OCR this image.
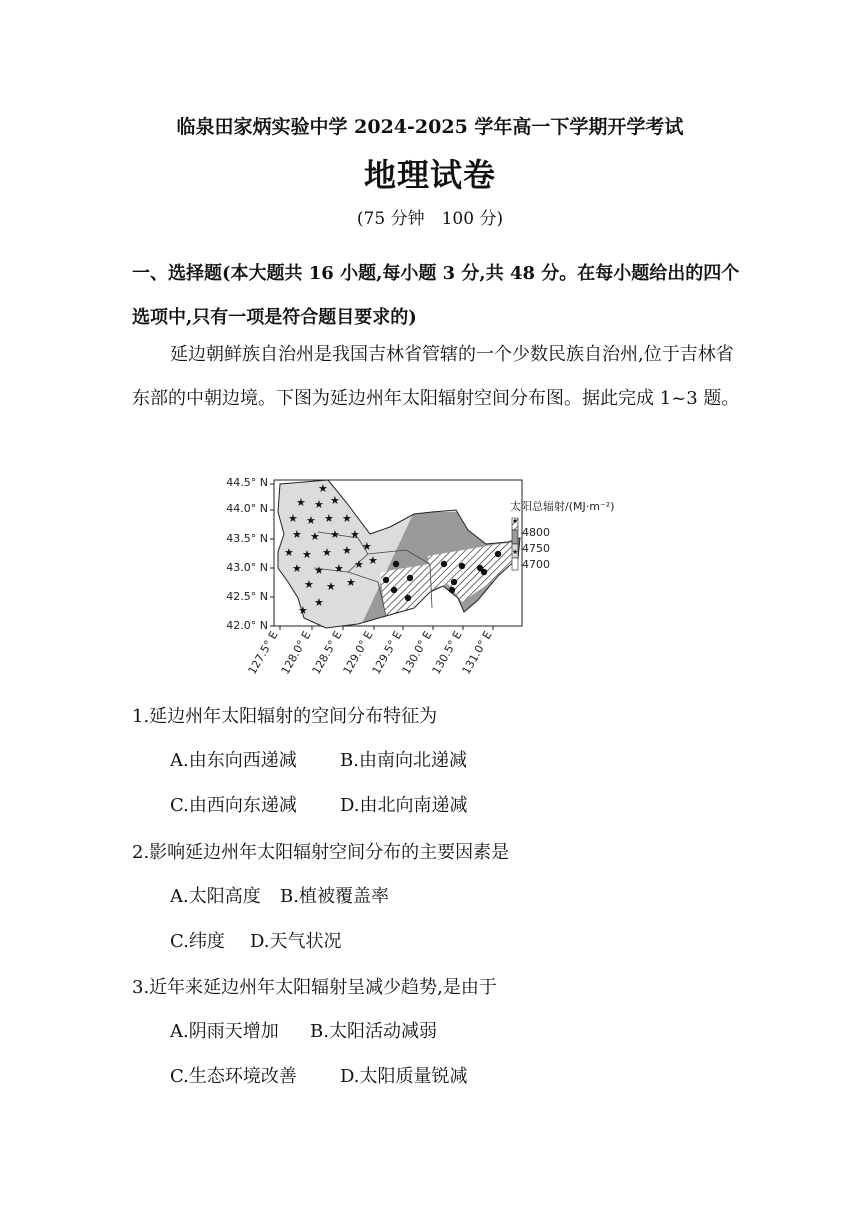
临泉田家炳实验中学 2024-2025 学年高一下学期开学考试
地理试卷
(75 分钟　100 分)
一、选择题(本大题共 16 小题,每小题 3 分,共 48 分。在每小题给出的四个选项中,只有一项是符合题目要求的)
延边朝鲜族自治州是我国吉林省管辖的一个少数民族自治州,位于吉林省东部的中朝边境。下图为延边州年太阳辐射空间分布图。据此完成 1~3 题。
★
★ ★ ★
★ ★ ★ ★
★ ★ ★ ★
★ ★ ★ ★ ★
★ ★ ★ ★ ★
★ ★ ★
★
★
44.5° N
44.0° N
43.5° N
43.0° N
42.5° N
42.0° N
127.5° E
128.0° E
128.5° E
129.0° E
129.5° E
130.0° E
130.5° E
131.0° E
太阳总辐射/(MJ·m⁻²)
★
4800
4750
4700
1.延边州年太阳辐射的空间分布特征为
A.由东向西递减 B.由南向北递减
C.由西向东递减 D.由北向南递减
2.影响延边州年太阳辐射空间分布的主要因素是
A.太阳高度 B.植被覆盖率
C.纬度 D.天气状况
3.近年来延边州年太阳辐射呈减少趋势,是由于
A.阴雨天增加 B.太阳活动减弱
C.生态环境改善 D.太阳质量锐减
